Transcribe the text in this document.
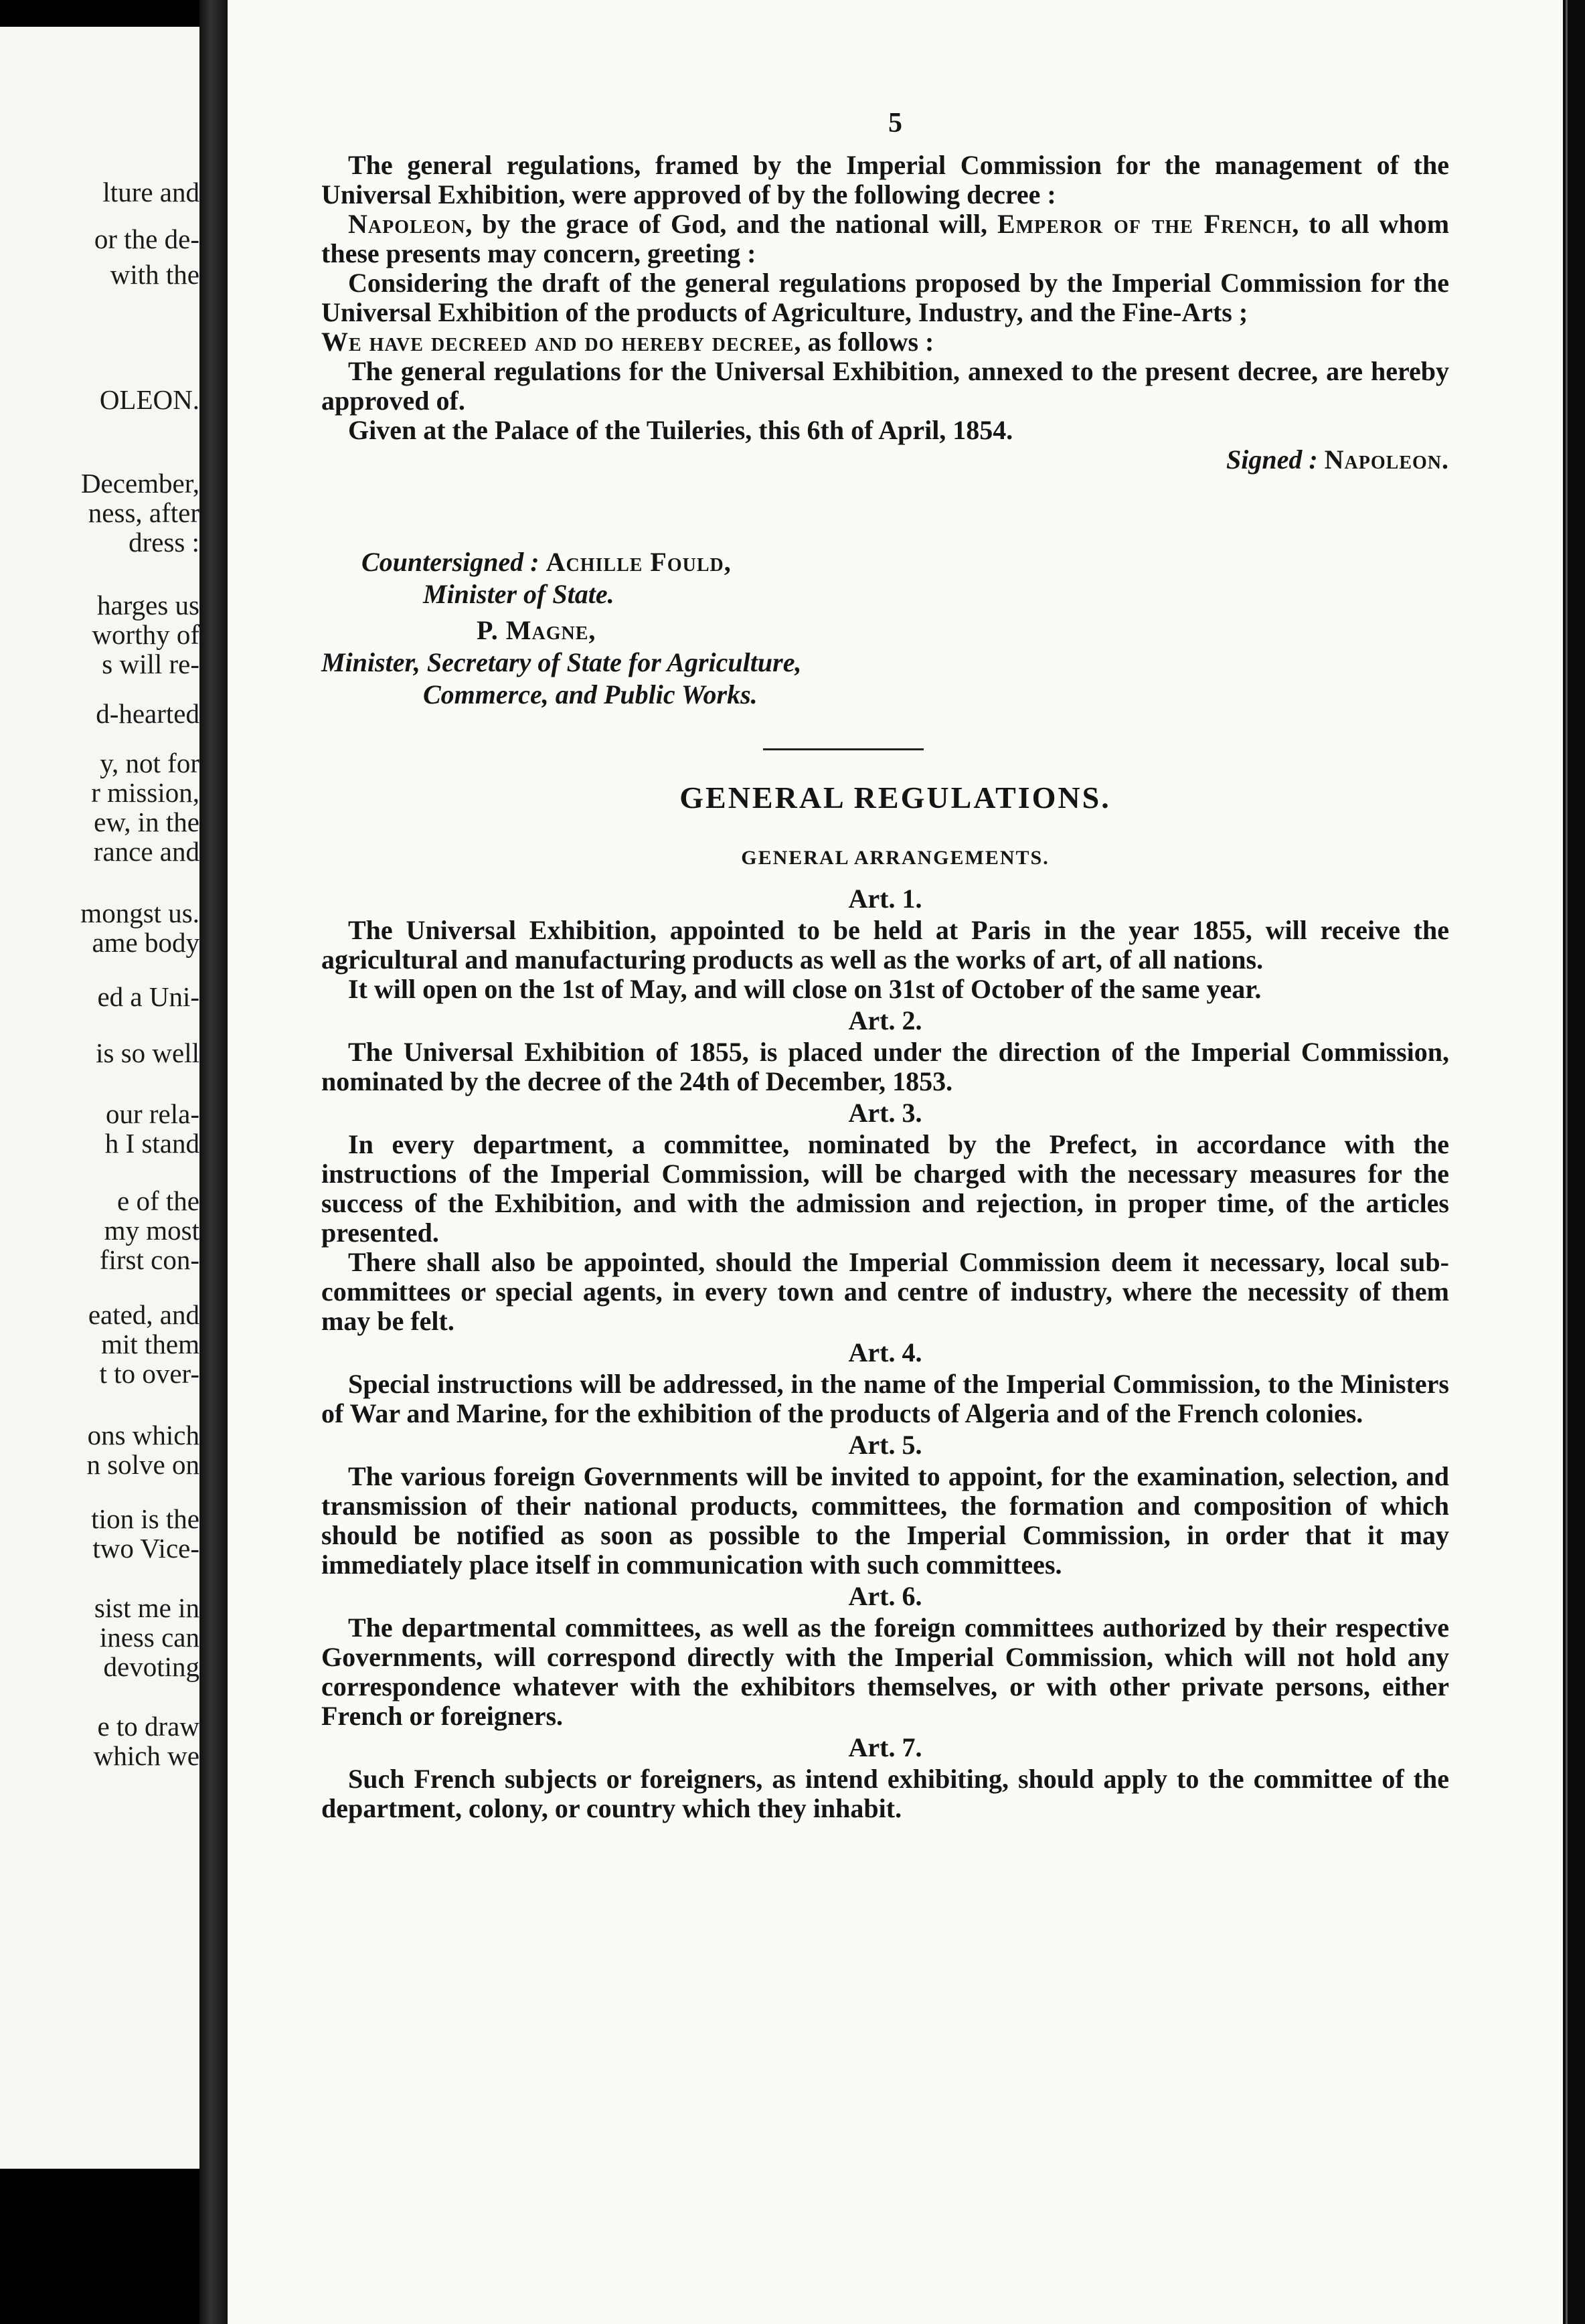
lture and
or the de-
with the
OLEON.
December,
ness, after
dress :
harges us
worthy of
s will re-
d-hearted
y, not for
r mission,
ew, in the
rance and
mongst us.
ame body
ed a Uni-
is so well
our rela-
h I stand
e of the
my most
first con-
eated, and
mit them
t to over-
ons which
n solve on
tion is the
two Vice-
sist me in
iness can
devoting
e to draw
which we
5

The general regulations, framed by the Imperial Commission for the management of the Universal Exhibition, were approved of by the following decree :

Napoleon, by the grace of God, and the national will, Emperor of the French, to all whom these presents may concern, greeting :

Considering the draft of the general regulations proposed by the Imperial Commission for the Universal Exhibition of the products of Agriculture, Industry, and the Fine-Arts ;

We have decreed and do hereby decree, as follows :

The general regulations for the Universal Exhibition, annexed to the present decree, are hereby approved of.

Given at the Palace of the Tuileries, this 6th of April, 1854.

Signed : Napoleon.

Countersigned : Achille Fould,
Minister of State.
P. Magne,
Minister, Secretary of State for Agriculture,
Commerce, and Public Works.
GENERAL REGULATIONS.
GENERAL ARRANGEMENTS.
Art. 1.

The Universal Exhibition, appointed to be held at Paris in the year 1855, will receive the agricultural and manufacturing products as well as the works of art, of all nations.

It will open on the 1st of May, and will close on 31st of October of the same year.

Art. 2.

The Universal Exhibition of 1855, is placed under the direction of the Imperial Commission, nominated by the decree of the 24th of December, 1853.

Art. 3.

In every department, a committee, nominated by the Prefect, in accordance with the instructions of the Imperial Commission, will be charged with the necessary measures for the success of the Exhibition, and with the admission and rejection, in proper time, of the articles presented.

There shall also be appointed, should the Imperial Commission deem it necessary, local sub-committees or special agents, in every town and centre of industry, where the necessity of them may be felt.

Art. 4.

Special instructions will be addressed, in the name of the Imperial Commission, to the Ministers of War and Marine, for the exhibition of the products of Algeria and of the French colonies.

Art. 5.

The various foreign Governments will be invited to appoint, for the examination, selection, and transmission of their national products, committees, the formation and composition of which should be notified as soon as possible to the Imperial Commission, in order that it may immediately place itself in communication with such committees.

Art. 6.

The departmental committees, as well as the foreign committees authorized by their respective Governments, will correspond directly with the Imperial Commission, which will not hold any correspondence whatever with the exhibitors themselves, or with other private persons, either French or foreigners.

Art. 7.

Such French subjects or foreigners, as intend exhibiting, should apply to the committee of the department, colony, or country which they inhabit.
